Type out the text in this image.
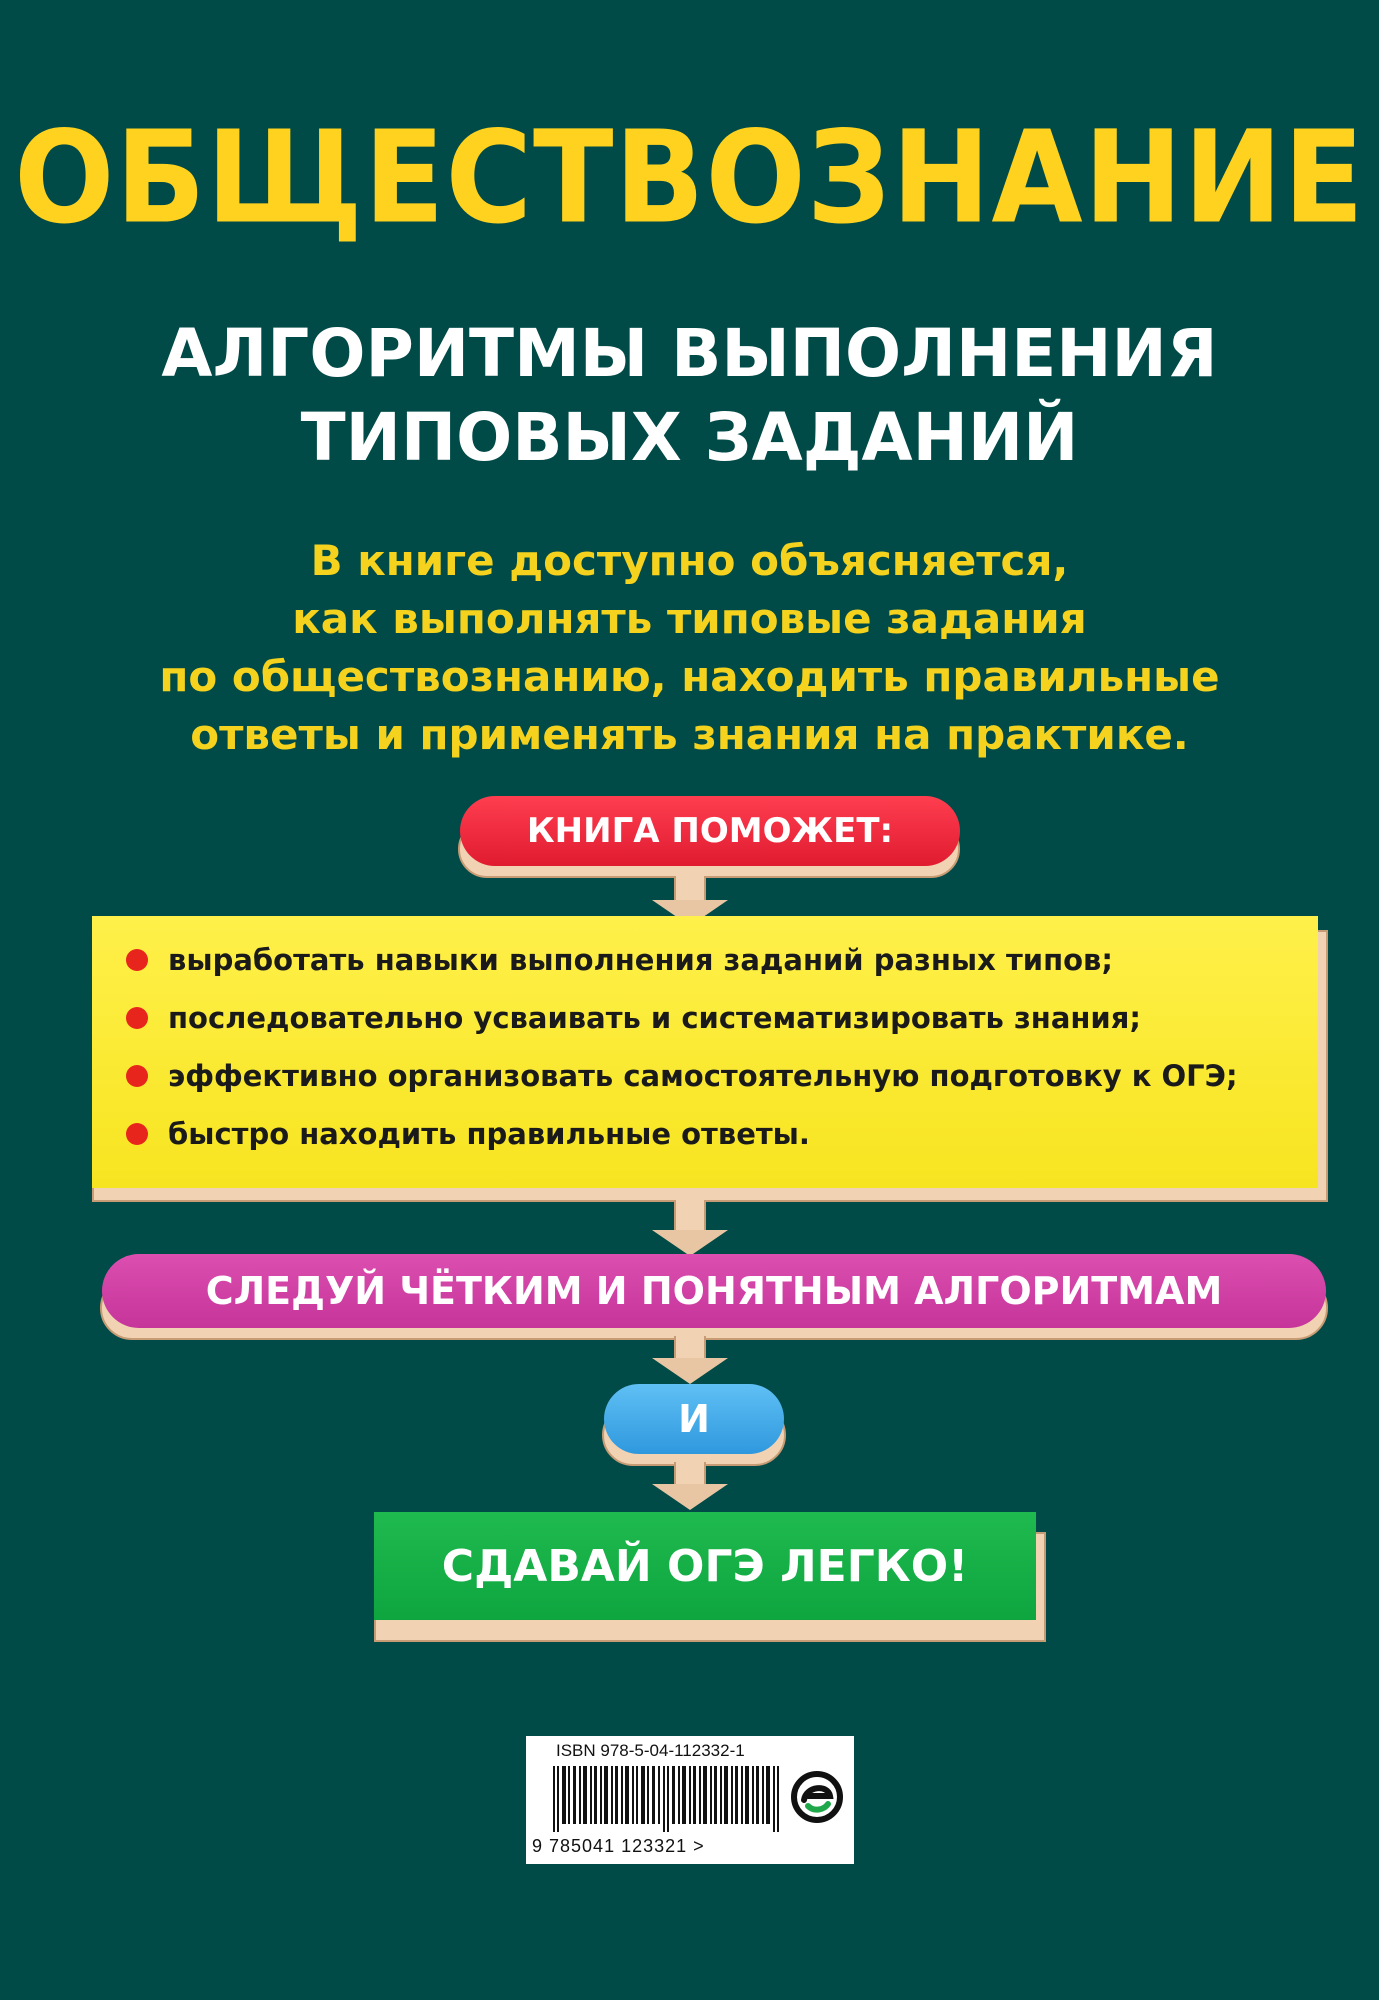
ОБЩЕСТВОЗНАНИЕ
АЛГОРИТМЫ ВЫПОЛНЕНИЯ
ТИПОВЫХ ЗАДАНИЙ
В книге доступно объясняется,
как выполнять типовые задания
по обществознанию, находить правильные
ответы и применять знания на практике.
КНИГА ПОМОЖЕТ:
выработать навыки выполнения заданий разных типов;
последовательно усваивать и систематизировать знания;
эффективно организовать самостоятельную подготовку к ОГЭ;
быстро находить правильные ответы.
СЛЕДУЙ ЧЁТКИМ И ПОНЯТНЫМ АЛГОРИТМАМ
И
СДАВАЙ ОГЭ ЛЕГКО!
ISBN 978-5-04-112332-1
9 785041 123321 >
